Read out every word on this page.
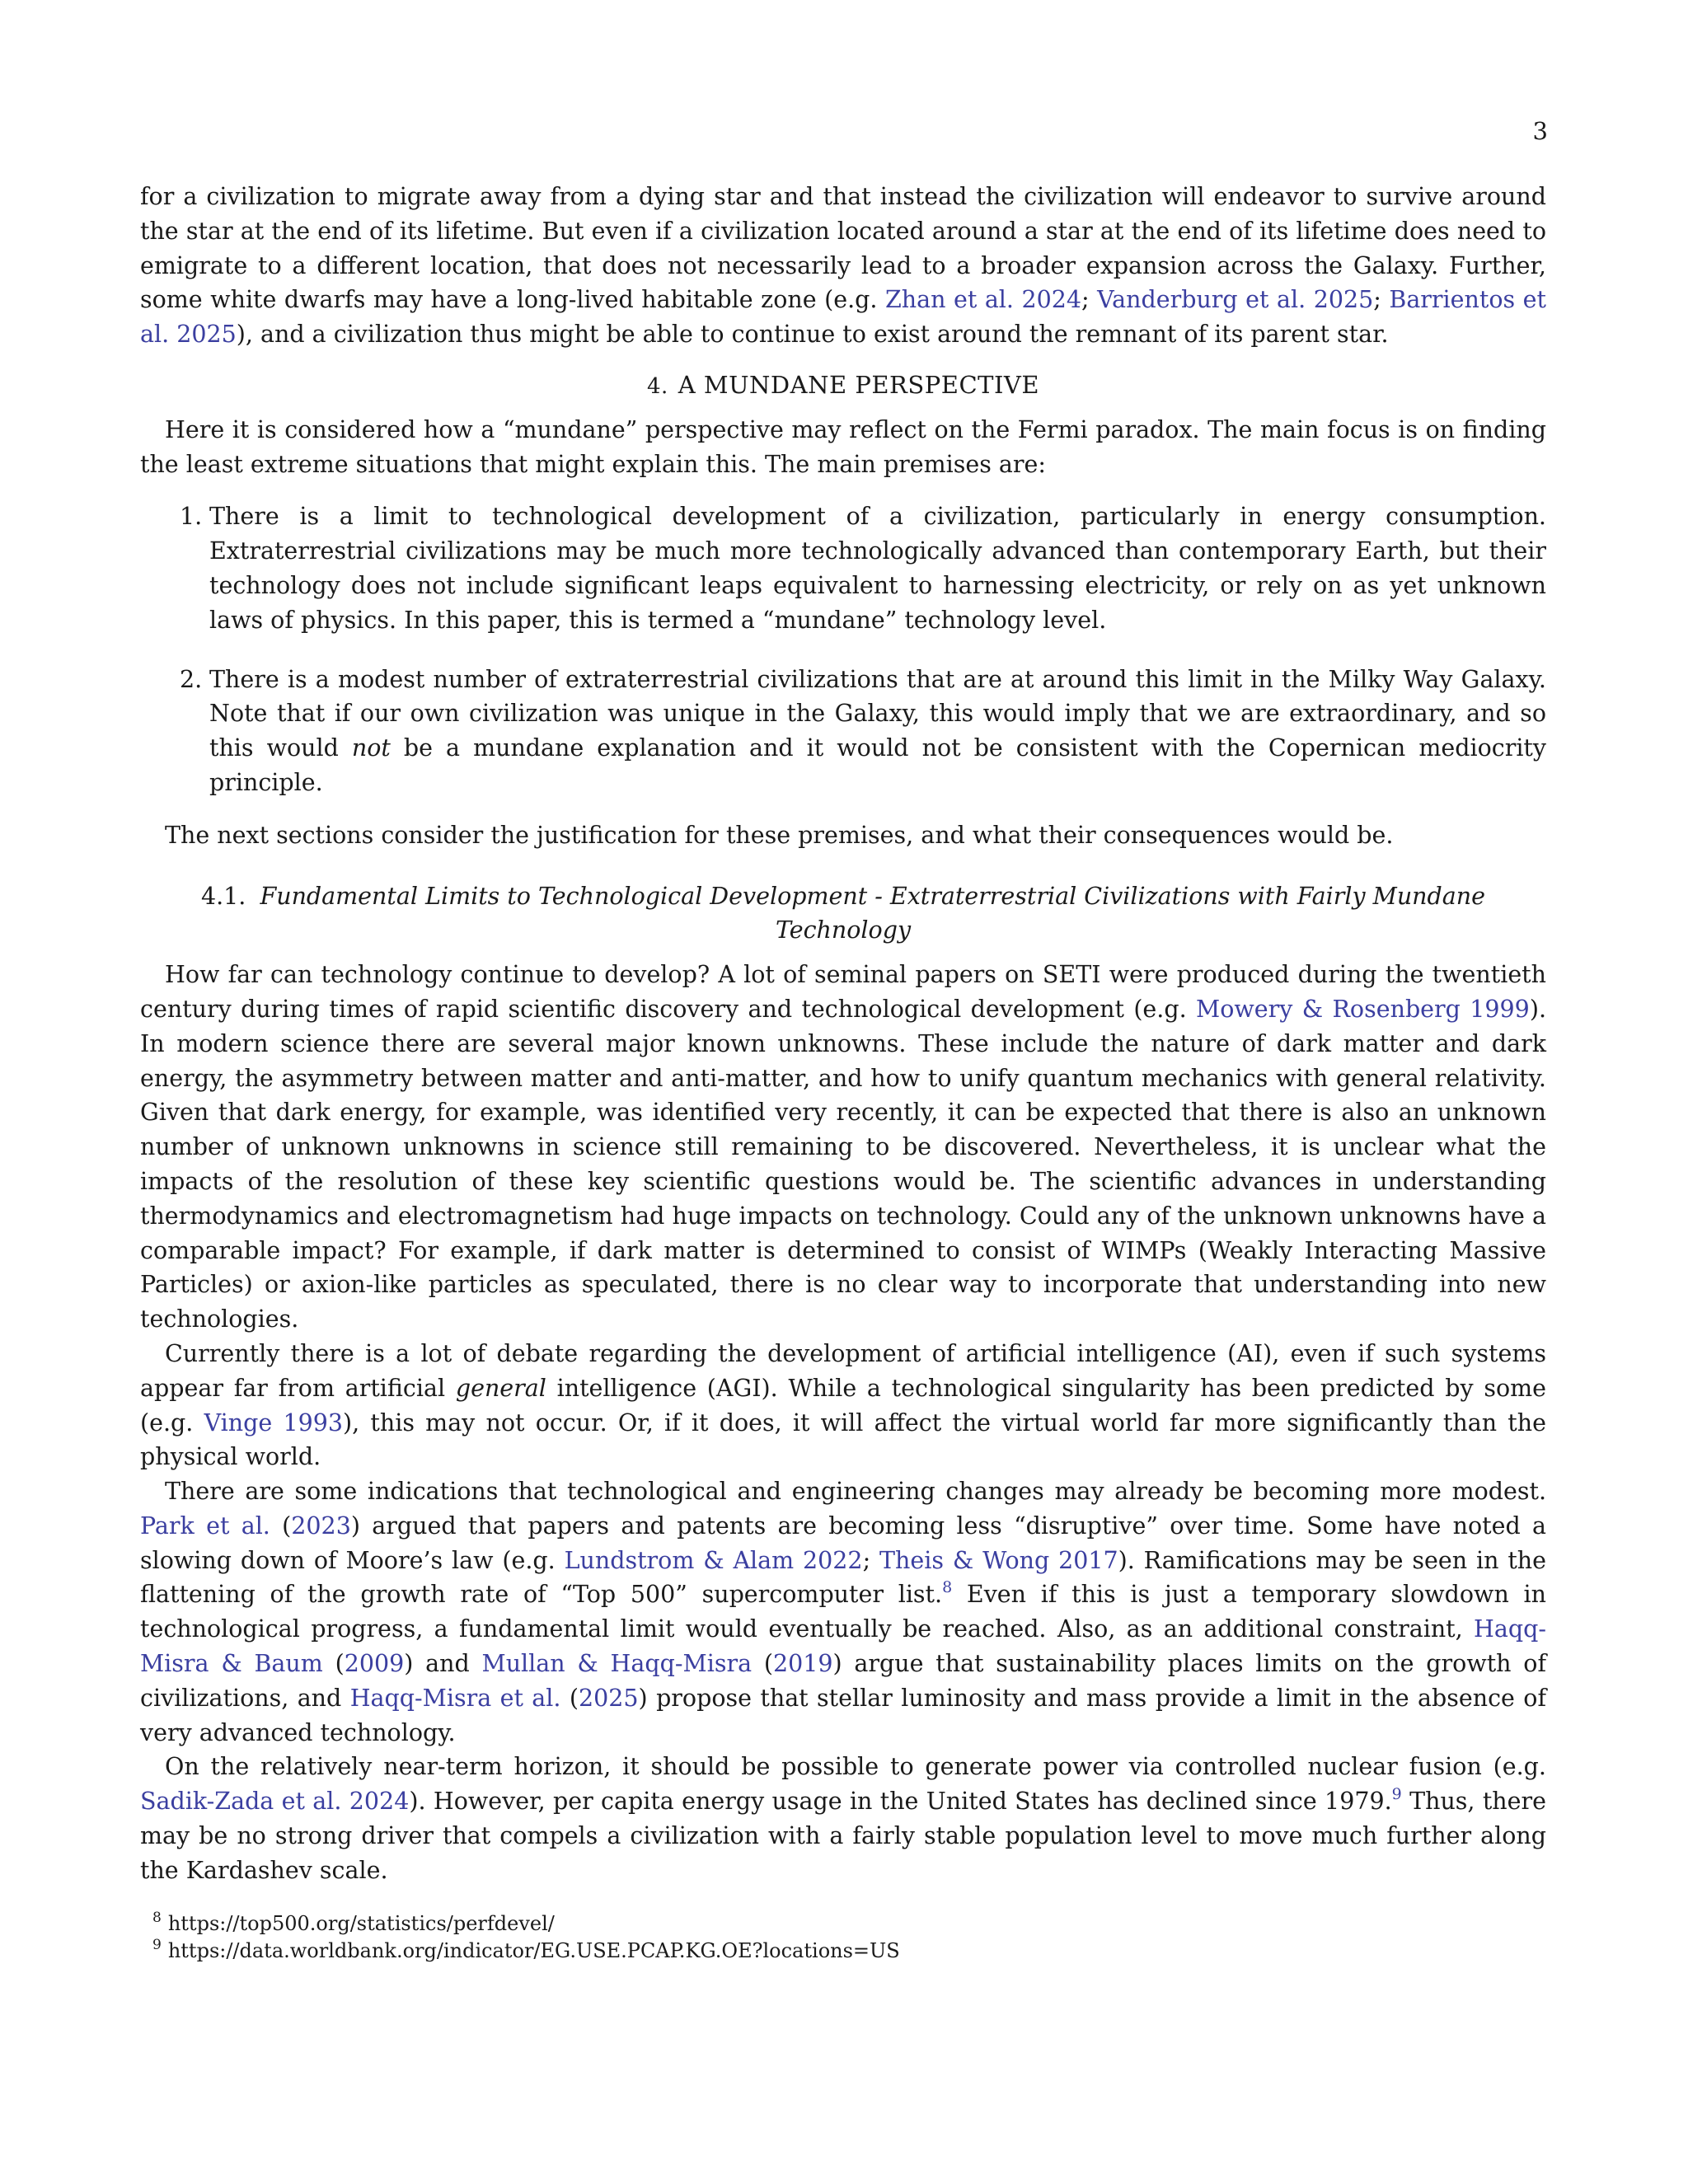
3

for a civilization to migrate away from a dying star and that instead the civilization will endeavor to survive around the star at the end of its lifetime. But even if a civilization located around a star at the end of its lifetime does need to emigrate to a different location, that does not necessarily lead to a broader expansion across the Galaxy. Further, some white dwarfs may have a long-lived habitable zone (e.g. Zhan et al. 2024; Vanderburg et al. 2025; Barrientos et al. 2025), and a civilization thus might be able to continue to exist around the remnant of its parent star.

4. A MUNDANE PERSPECTIVE

Here it is considered how a “mundane” perspective may reflect on the Fermi paradox. The main focus is on finding the least extreme situations that might explain this. The main premises are:

1. There is a limit to technological development of a civilization, particularly in energy consumption. Extraterrestrial civilizations may be much more technologically advanced than contemporary Earth, but their technology does not include significant leaps equivalent to harnessing electricity, or rely on as yet unknown laws of physics. In this paper, this is termed a “mundane” technology level.
2. There is a modest number of extraterrestrial civilizations that are at around this limit in the Milky Way Galaxy. Note that if our own civilization was unique in the Galaxy, this would imply that we are extraordinary, and so this would not be a mundane explanation and it would not be consistent with the Copernican mediocrity principle.

The next sections consider the justification for these premises, and what their consequences would be.

4.1. Fundamental Limits to Technological Development - Extraterrestrial Civilizations with Fairly Mundane Technology

How far can technology continue to develop? A lot of seminal papers on SETI were produced during the twentieth century during times of rapid scientific discovery and technological development (e.g. Mowery & Rosenberg 1999). In modern science there are several major known unknowns. These include the nature of dark matter and dark energy, the asymmetry between matter and anti-matter, and how to unify quantum mechanics with general relativity. Given that dark energy, for example, was identified very recently, it can be expected that there is also an unknown number of unknown unknowns in science still remaining to be discovered. Nevertheless, it is unclear what the impacts of the resolution of these key scientific questions would be. The scientific advances in understanding thermodynamics and electromagnetism had huge impacts on technology. Could any of the unknown unknowns have a comparable impact? For example, if dark matter is determined to consist of WIMPs (Weakly Interacting Massive Particles) or axion-like particles as speculated, there is no clear way to incorporate that understanding into new technologies.

Currently there is a lot of debate regarding the development of artificial intelligence (AI), even if such systems appear far from artificial general intelligence (AGI). While a technological singularity has been predicted by some (e.g. Vinge 1993), this may not occur. Or, if it does, it will affect the virtual world far more significantly than the physical world.

There are some indications that technological and engineering changes may already be becoming more modest. Park et al. (2023) argued that papers and patents are becoming less “disruptive” over time. Some have noted a slowing down of Moore’s law (e.g. Lundstrom & Alam 2022; Theis & Wong 2017). Ramifications may be seen in the flattening of the growth rate of “Top 500” supercomputer list.$^8$ Even if this is just a temporary slowdown in technological progress, a fundamental limit would eventually be reached. Also, as an additional constraint, Haqq-Misra & Baum (2009) and Mullan & Haqq-Misra (2019) argue that sustainability places limits on the growth of civilizations, and Haqq-Misra et al. (2025) propose that stellar luminosity and mass provide a limit in the absence of very advanced technology.

On the relatively near-term horizon, it should be possible to generate power via controlled nuclear fusion (e.g. Sadik-Zada et al. 2024). However, per capita energy usage in the United States has declined since 1979.$^9$ Thus, there may be no strong driver that compels a civilization with a fairly stable population level to move much further along the Kardashev scale.

$^8$ https://top500.org/statistics/perfdevel/
$^9$ https://data.worldbank.org/indicator/EG.USE.PCAP.KG.OE?locations=US
